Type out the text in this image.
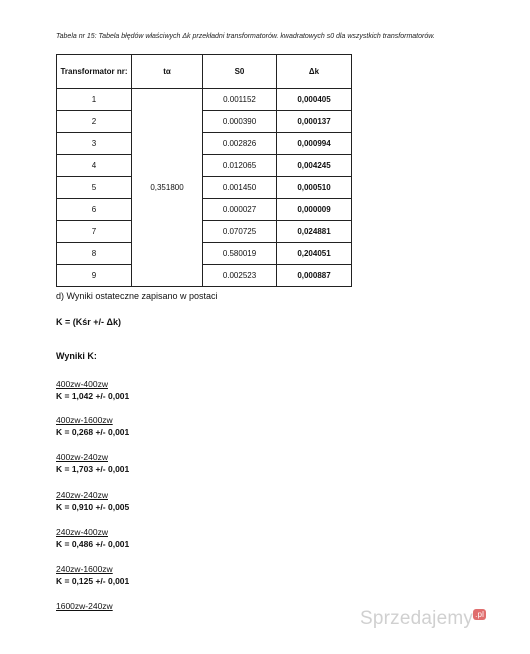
Tabela nr 15: Tabela błędów właściwych Δk przekładni transformatorów. kwadratowych s0 dla wszystkich transformatorów.
Transformator nr:	tα	S0	Δk
1	0,351800	0.001152	0,000405
2		0.000390	0,000137
3		0.002826	0,000994
4		0.012065	0,004245
5		0.001450	0,000510
6		0.000027	0,000009
7		0.070725	0,024881
8		0.580019	0,204051
9		0.002523	0,000887
d) Wyniki ostateczne zapisano w postaci
K = (Kśr +/- Δk)
Wyniki K:
400zw-400zw
K = 1,042 +/- 0,001
400zw-1600zw
K = 0,268 +/- 0,001
400zw-240zw
K = 1,703 +/- 0,001
240zw-240zw
K = 0,910 +/- 0,005
240zw-400zw
K = 0,486 +/- 0,001
240zw-1600zw
K = 0,125 +/- 0,001
1600zw-240zw
Sprzedajemy .pl
